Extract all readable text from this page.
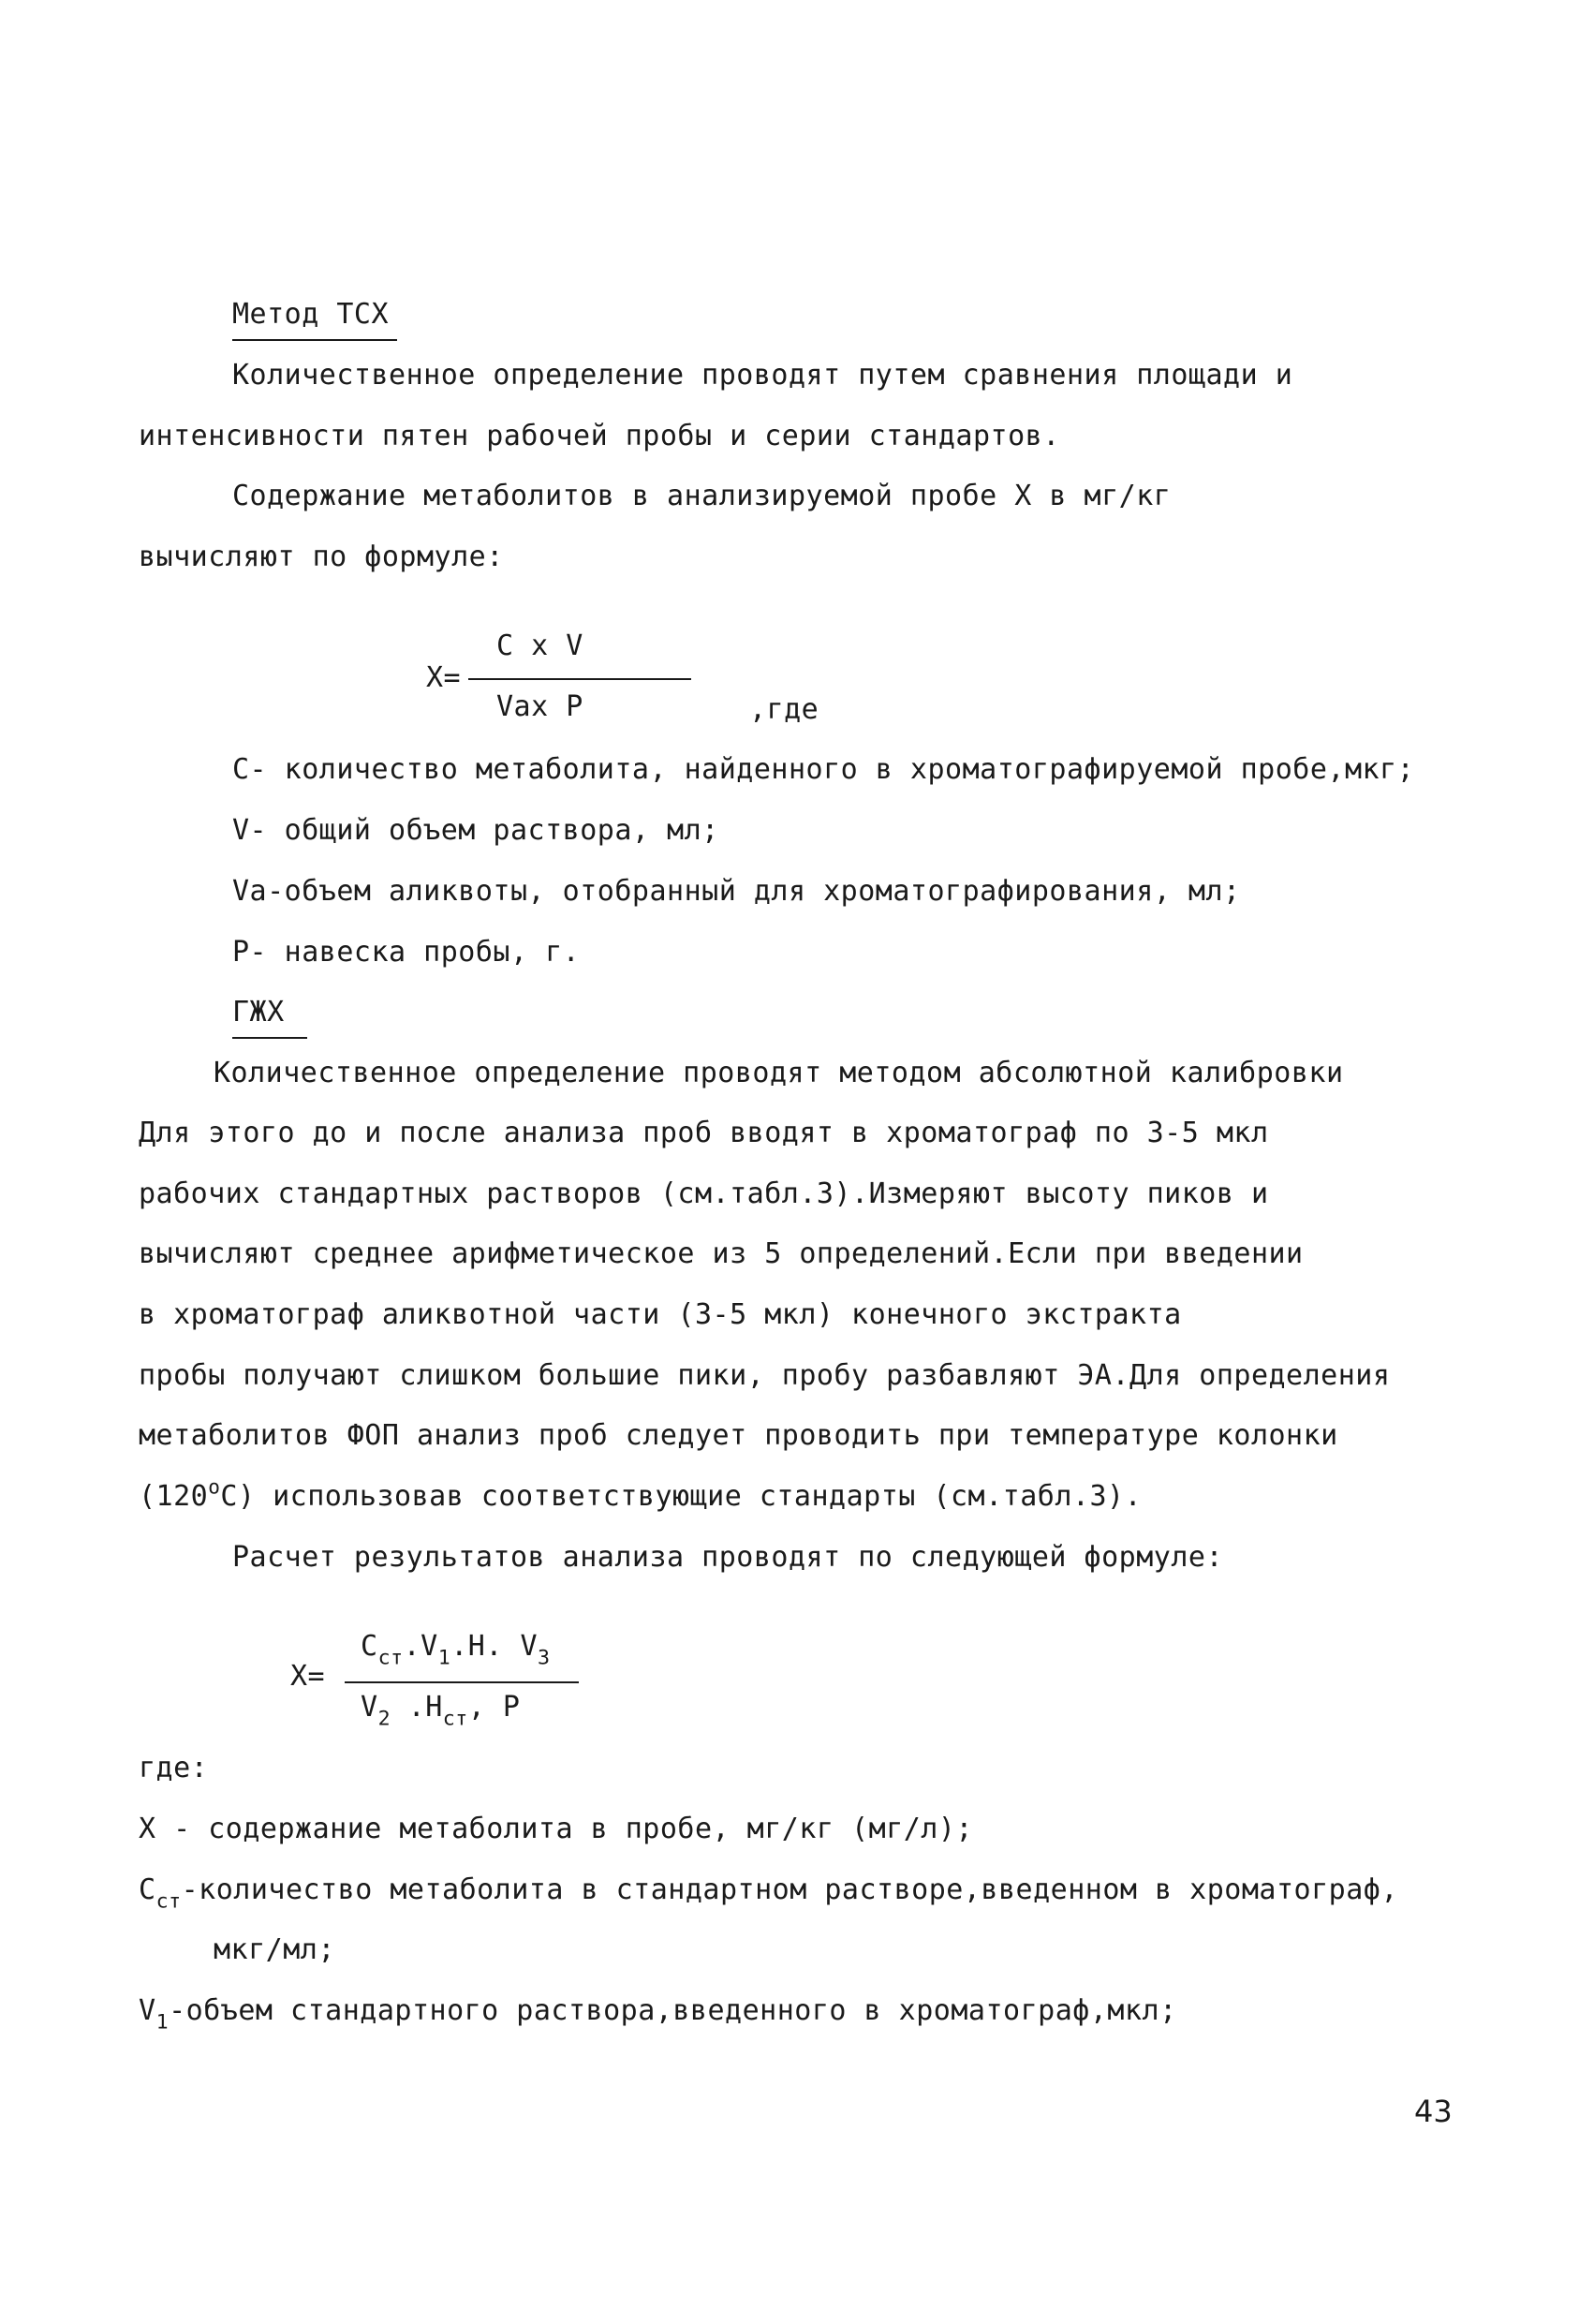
Метод ТСХ
Количественное определение проводят путем сравнения площади и
интенсивности пятен рабочей пробы и серии стандартов.
Содержание метаболитов в анализируемой пробе Х в мг/кг
вычисляют по формуле:
C x V
X=
Vax P	,где
С- количество метаболита, найденного в хроматографируемой пробе,мкг;
V- общий объем раствора, мл;
Va-объем аликвоты, отобранный для хроматографирования, мл;
P- навеска пробы, г.
ГЖХ
Количественное определение проводят методом абсолютной калибровки
Для этого до и после анализа проб вводят в хроматограф по 3-5 мкл
рабочих стандартных растворов (см.табл.3).Измеряют высоту пиков и
вычисляют среднее арифметическое из 5 определений.Если при введении
в хроматограф аликвотной части (3-5 мкл) конечного экстракта
пробы получают слишком большие пики, пробу разбавляют ЭА.Для определения
метаболитов ФОП анализ проб следует проводить при температуре колонки
(120$^o$С) использовав соответствующие стандарты (см.табл.3).
Расчет результатов анализа проводят по следующей формуле:
$C_{ст}.V_1.H$. $V_3$
X=
$V_2$ $.H_{ст}$, P
где:
X - содержание метаболита в пробе, мг/кг (мг/л);
$С_{ст}$-количество метаболита в стандартном растворе,введенном в хроматограф,
мкг/мл;
$V_1$-объем стандартного раствора,введенного в хроматограф,мкл;
43
